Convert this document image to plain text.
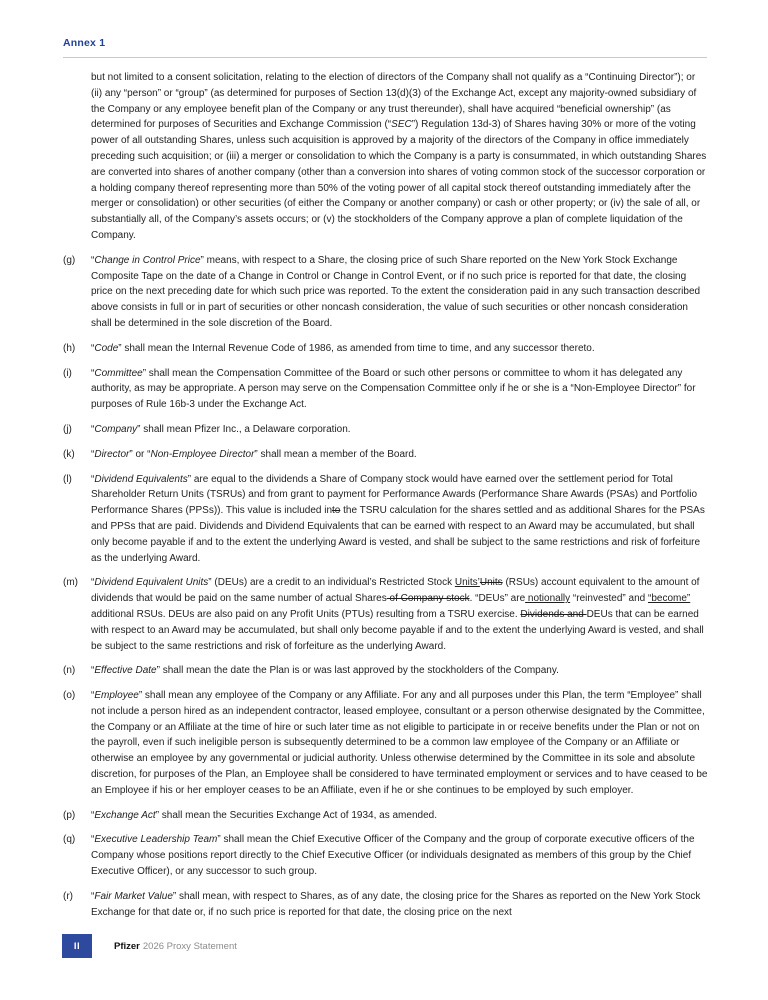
Annex 1
but not limited to a consent solicitation, relating to the election of directors of the Company shall not qualify as a “Continuing Director”); or (ii) any “person” or “group” (as determined for purposes of Section 13(d)(3) of the Exchange Act, except any majority-owned subsidiary of the Company or any employee benefit plan of the Company or any trust thereunder), shall have acquired “beneficial ownership” (as determined for purposes of Securities and Exchange Commission (“SEC”) Regulation 13d-3) of Shares having 30% or more of the voting power of all outstanding Shares, unless such acquisition is approved by a majority of the directors of the Company in office immediately preceding such acquisition; or (iii) a merger or consolidation to which the Company is a party is consummated, in which outstanding Shares are converted into shares of another company (other than a conversion into shares of voting common stock of the successor corporation or a holding company thereof representing more than 50% of the voting power of all capital stock thereof outstanding immediately after the merger or consolidation) or other securities (of either the Company or another company) or cash or other property; or (iv) the sale of all, or substantially all, of the Company’s assets occurs; or (v) the stockholders of the Company approve a plan of complete liquidation of the Company.
(g)	“Change in Control Price” means, with respect to a Share, the closing price of such Share reported on the New York Stock Exchange Composite Tape on the date of a Change in Control or Change in Control Event, or if no such price is reported for that date, the closing price on the next preceding date for which such price was reported. To the extent the consideration paid in any such transaction described above consists in full or in part of securities or other noncash consideration, the value of such securities or other noncash consideration shall be determined in the sole discretion of the Board.
(h)	“Code” shall mean the Internal Revenue Code of 1986, as amended from time to time, and any successor thereto.
(i)	“Committee” shall mean the Compensation Committee of the Board or such other persons or committee to whom it has delegated any authority, as may be appropriate. A person may serve on the Compensation Committee only if he or she is a “Non-Employee Director” for purposes of Rule 16b-3 under the Exchange Act.
(j)	“Company” shall mean Pfizer Inc., a Delaware corporation.
(k)	“Director” or “Non-Employee Director” shall mean a member of the Board.
(l)	“Dividend Equivalents” are equal to the dividends a Share of Company stock would have earned over the settlement period for Total Shareholder Return Units (TSRUs) and from grant to payment for Performance Awards (Performance Share Awards (PSAs) and Portfolio Performance Shares (PPSs)). This value is included into the TSRU calculation for the shares settled and as additional Shares for the PSAs and PPSs that are paid. Dividends and Dividend Equivalents that can be earned with respect to an Award may be accumulated, but shall only become payable if and to the extent the underlying Award is vested, and shall be subject to the same restrictions and risk of forfeiture as the underlying Award.
(m)	“Dividend Equivalent Units” (DEUs) are a credit to an individual’s Restricted Stock Units’Units (RSUs) account equivalent to the amount of dividends that would be paid on the same number of actual Shares of Company stock. “DEUs” are notionally “reinvested” and “become” additional RSUs. DEUs are also paid on any Profit Units (PTUs) resulting from a TSRU exercise. Dividends and DEUs that can be earned with respect to an Award may be accumulated, but shall only become payable if and to the extent the underlying Award is vested, and shall be subject to the same restrictions and risk of forfeiture as the underlying Award.
(n)	“Effective Date” shall mean the date the Plan is or was last approved by the stockholders of the Company.
(o)	“Employee” shall mean any employee of the Company or any Affiliate. For any and all purposes under this Plan, the term “Employee” shall not include a person hired as an independent contractor, leased employee, consultant or a person otherwise designated by the Committee, the Company or an Affiliate at the time of hire or such later time as not eligible to participate in or receive benefits under the Plan or not on the payroll, even if such ineligible person is subsequently determined to be a common law employee of the Company or an Affiliate or otherwise an employee by any governmental or judicial authority. Unless otherwise determined by the Committee in its sole and absolute discretion, for purposes of the Plan, an Employee shall be considered to have terminated employment or services and to have ceased to be an Employee if his or her employer ceases to be an Affiliate, even if he or she continues to be employed by such employer.
(p)	“Exchange Act” shall mean the Securities Exchange Act of 1934, as amended.
(q)	“Executive Leadership Team” shall mean the Chief Executive Officer of the Company and the group of corporate executive officers of the Company whose positions report directly to the Chief Executive Officer (or individuals designated as members of this group by the Chief Executive Officer), or any successor to such group.
(r)	“Fair Market Value” shall mean, with respect to Shares, as of any date, the closing price for the Shares as reported on the New York Stock Exchange for that date or, if no such price is reported for that date, the closing price on the next
II	Pfizer 2026 Proxy Statement
